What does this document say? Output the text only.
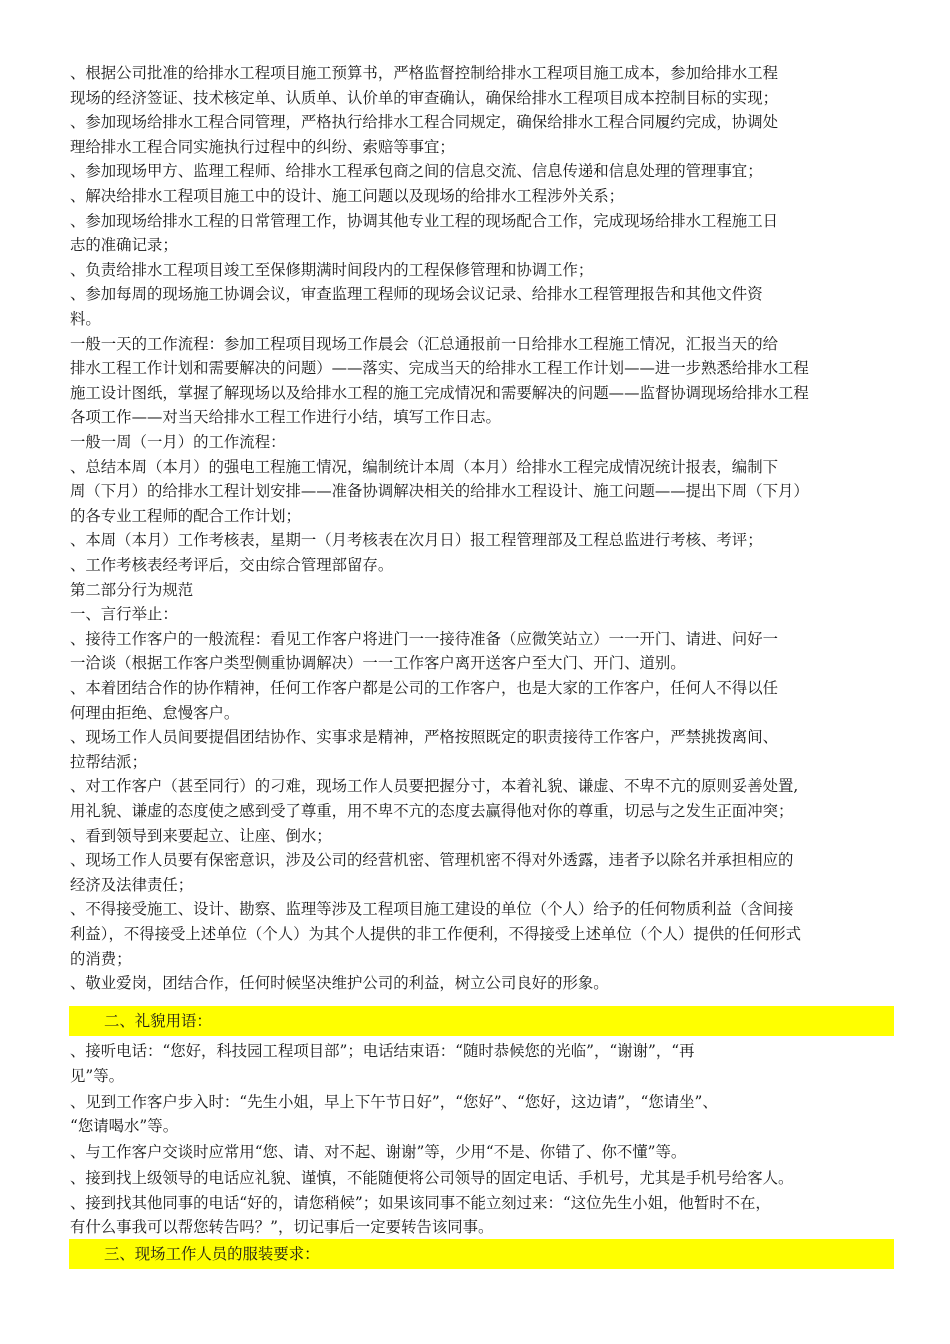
、根据公司批准的给排水工程项目施工预算书，严格监督控制给排水工程项目施工成本，参加给排水工程
现场的经济签证、技术核定单、认质单、认价单的审查确认，确保给排水工程项目成本控制目标的实现；
、参加现场给排水工程合同管理，严格执行给排水工程合同规定，确保给排水工程合同履约完成，协调处
理给排水工程合同实施执行过程中的纠纷、索赔等事宜；
、参加现场甲方、监理工程师、给排水工程承包商之间的信息交流、信息传递和信息处理的管理事宜；
、解决给排水工程项目施工中的设计、施工问题以及现场的给排水工程涉外关系；
、参加现场给排水工程的日常管理工作，协调其他专业工程的现场配合工作，完成现场给排水工程施工日
志的准确记录；
、负责给排水工程项目竣工至保修期满时间段内的工程保修管理和协调工作；
、参加每周的现场施工协调会议，审查监理工程师的现场会议记录、给排水工程管理报告和其他文件资
料。
一般一天的工作流程：参加工程项目现场工作晨会（汇总通报前一日给排水工程施工情况，汇报当天的给
排水工程工作计划和需要解决的问题）——落实、完成当天的给排水工程工作计划——进一步熟悉给排水工程
施工设计图纸，掌握了解现场以及给排水工程的施工完成情况和需要解决的问题——监督协调现场给排水工程
各项工作——对当天给排水工程工作进行小结，填写工作日志。
一般一周（一月）的工作流程：
、总结本周（本月）的强电工程施工情况，编制统计本周（本月）给排水工程完成情况统计报表，编制下
周（下月）的给排水工程计划安排——准备协调解决相关的给排水工程设计、施工问题——提出下周（下月）
的各专业工程师的配合工作计划；
、本周（本月）工作考核表，星期一（月考核表在次月日）报工程管理部及工程总监进行考核、考评；
、工作考核表经考评后，交由综合管理部留存。
第二部分行为规范
一、言行举止：
、接待工作客户的一般流程：看见工作客户将进门一一接待准备（应微笑站立）一一开门、请进、问好一
一洽谈（根据工作客户类型侧重协调解决）一一工作客户离开送客户至大门、开门、道别。
、本着团结合作的协作精神，任何工作客户都是公司的工作客户，也是大家的工作客户，任何人不得以任
何理由拒绝、怠慢客户。
、现场工作人员间要提倡团结协作、实事求是精神，严格按照既定的职责接待工作客户，严禁挑拨离间、
拉帮结派；
、对工作客户（甚至同行）的刁难，现场工作人员要把握分寸，本着礼貌、谦虚、不卑不亢的原则妥善处置,
用礼貌、谦虚的态度使之感到受了尊重，用不卑不亢的态度去赢得他对你的尊重，切忌与之发生正面冲突；
、看到领导到来要起立、让座、倒水；
、现场工作人员要有保密意识，涉及公司的经营机密、管理机密不得对外透露，违者予以除名并承担相应的
经济及法律责任；
、不得接受施工、设计、勘察、监理等涉及工程项目施工建设的单位（个人）给予的任何物质利益（含间接
利益），不得接受上述单位（个人）为其个人提供的非工作便利，不得接受上述单位（个人）提供的任何形式
的消费；
、敬业爱岗，团结合作，任何时候坚决维护公司的利益，树立公司良好的形象。
二、礼貌用语：
、接听电话：“您好，科技园工程项目部”；电话结束语：“随时恭候您的光临”，“谢谢”，“再
见”等。
、见到工作客户步入时：“先生小姐，早上下午节日好”，“您好”、“您好，这边请”，“您请坐”、
“您请喝水”等。
、与工作客户交谈时应常用“您、请、对不起、谢谢”等，少用“不是、你错了、你不懂”等。
、接到找上级领导的电话应礼貌、谨慎，不能随便将公司领导的固定电话、手机号，尤其是手机号给客人。
、接到找其他同事的电话“好的，请您稍候”；如果该同事不能立刻过来：“这位先生小姐，他暂时不在，
有什么事我可以帮您转告吗？”，切记事后一定要转告该同事。
三、现场工作人员的服装要求：
